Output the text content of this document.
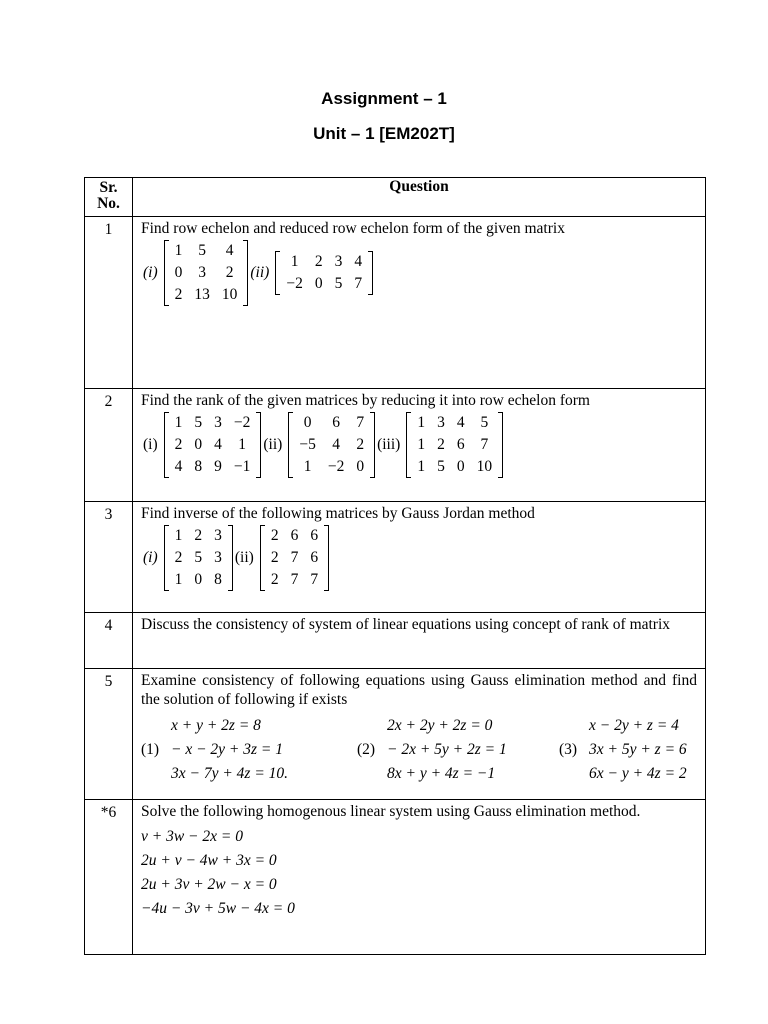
Assignment – 1
Unit – 1 [EM202T]
Sr.
No.
	Question
1	Find row echelon and reduced row echelon form of the given matrix
(i)
1	5	4
0	3	2
2	13	10
(ii)
1	2	3	4
−2	0	5	7

2	Find the rank of the given matrices by reducing it into row echelon form
(i)
1	5	3	−2
2	0	4	1
4	8	9	−1
(ii)
0	6	7
−5	4	2
1	−2	0
(iii)
1	3	4	5
1	2	6	7
1	5	0	10

3	Find inverse of the following matrices by Gauss Jordan method
(i)
1	2	3
2	5	3
1	0	8
(ii)
2	6	6
2	7	6
2	7	7

4	Discuss the consistency of system of linear equations using concept of rank of matrix

5	Examine consistency of following equations using Gauss elimination method and find the solution of following if exists
x + y + 2z = 8	2x + 2y + 2z = 0	x − 2y + z = 4
(1) − x − 2y + 3z = 1	(2) − 2x + 5y + 2z = 1	(3) 3x + 5y + z = 6
3x − 7y + 4z = 10.	8x + y + 4z = −1	6x − y + 4z = 2

*6	Solve the following homogenous linear system using Gauss elimination method.
v + 3w − 2x = 0
2u + v − 4w + 3x = 0
2u + 3v + 2w − x = 0
−4u − 3v + 5w − 4x = 0
